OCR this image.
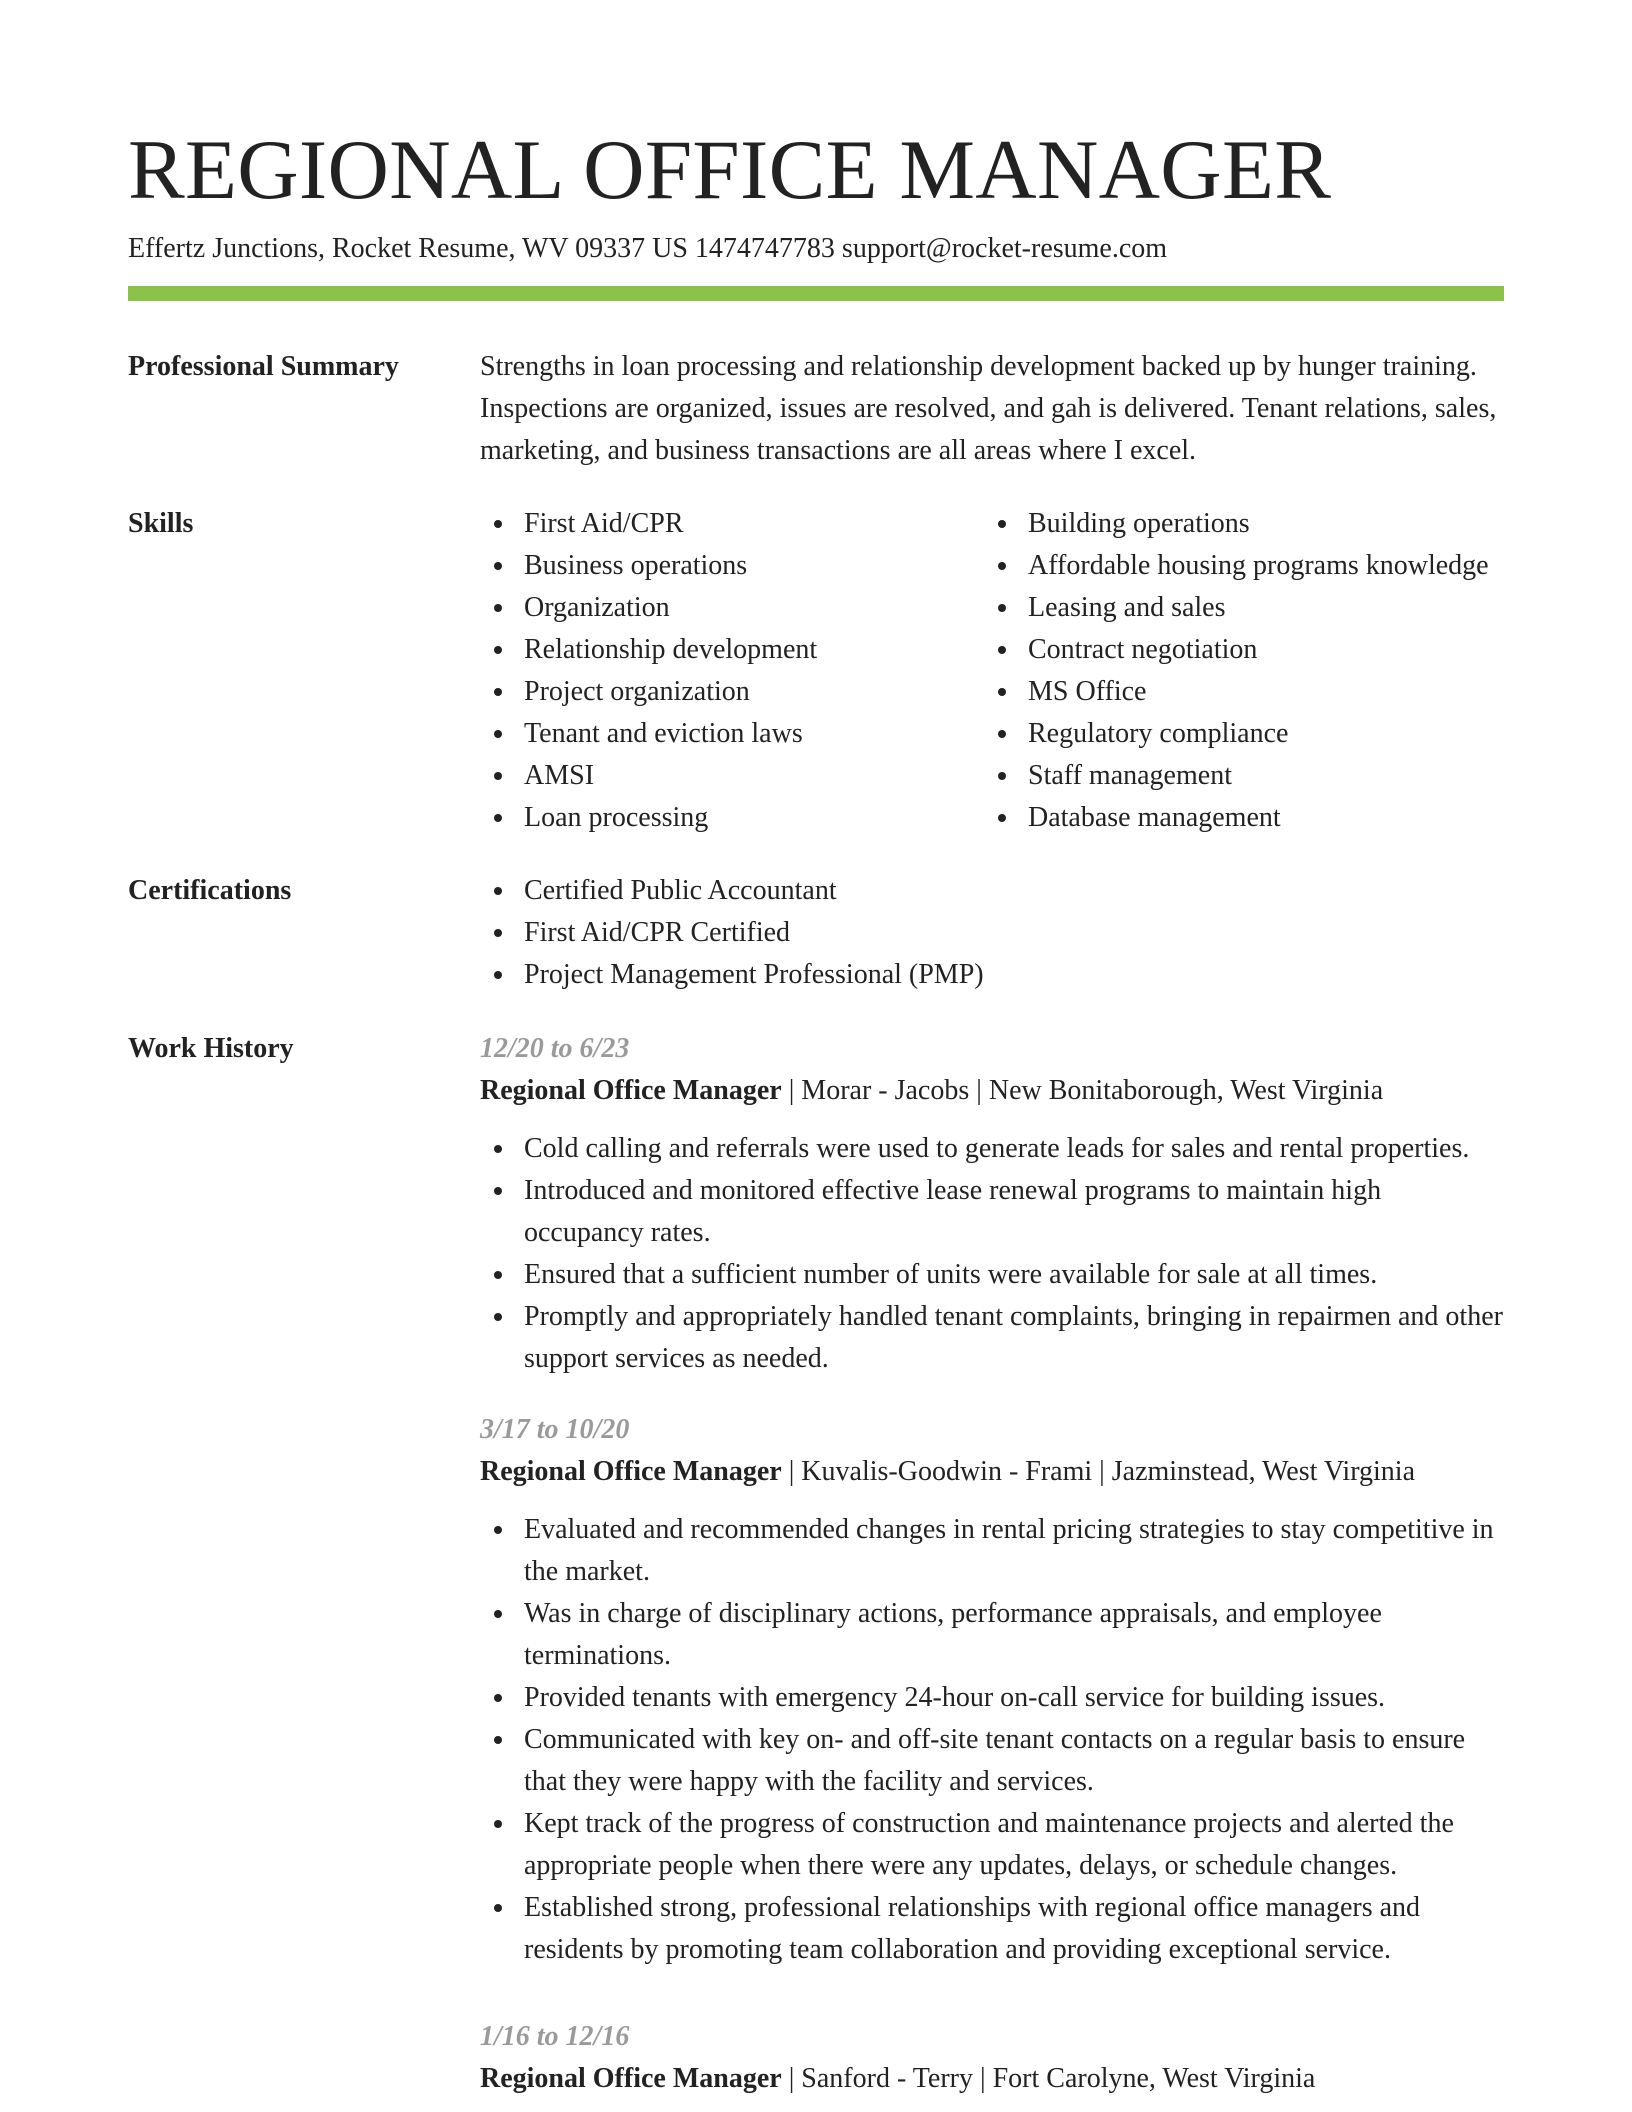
REGIONAL OFFICE MANAGER
Effertz Junctions, Rocket Resume, WV 09337 US 1474747783 support@rocket-resume.com
Professional Summary	Strengths in loan processing and relationship development backed up by hunger training. Inspections are organized, issues are resolved, and gah is delivered. Tenant relations, sales, marketing, and business transactions are all areas where I excel.

Skills	First Aid/CPR
Business operations
Organization
Relationship development
Project organization
Tenant and eviction laws
AMSI
Loan processing
Building operations
Affordable housing programs knowledge
Leasing and sales
Contract negotiation
MS Office
Regulatory compliance
Staff management
Database management
Certifications	Certified Public Accountant
First Aid/CPR Certified
Project Management Professional (PMP)
Work History	12/20 to 6/23
Regional Office Manager | Morar - Jacobs | New Bonitaborough, West Virginia
Cold calling and referrals were used to generate leads for sales and rental properties.
Introduced and monitored effective lease renewal programs to maintain high occupancy rates.
Ensured that a sufficient number of units were available for sale at all times.
Promptly and appropriately handled tenant complaints, bringing in repairmen and other support services as needed.
3/17 to 10/20
Regional Office Manager | Kuvalis-Goodwin - Frami | Jazminstead, West Virginia
Evaluated and recommended changes in rental pricing strategies to stay competitive in the market.
Was in charge of disciplinary actions, performance appraisals, and employee terminations.
Provided tenants with emergency 24-hour on-call service for building issues.
Communicated with key on- and off-site tenant contacts on a regular basis to ensure that they were happy with the facility and services.
Kept track of the progress of construction and maintenance projects and alerted the appropriate people when there were any updates, delays, or schedule changes.
Established strong, professional relationships with regional office managers and residents by promoting team collaboration and providing exceptional service.
1/16 to 12/16
Regional Office Manager | Sanford - Terry | Fort Carolyne, West Virginia
